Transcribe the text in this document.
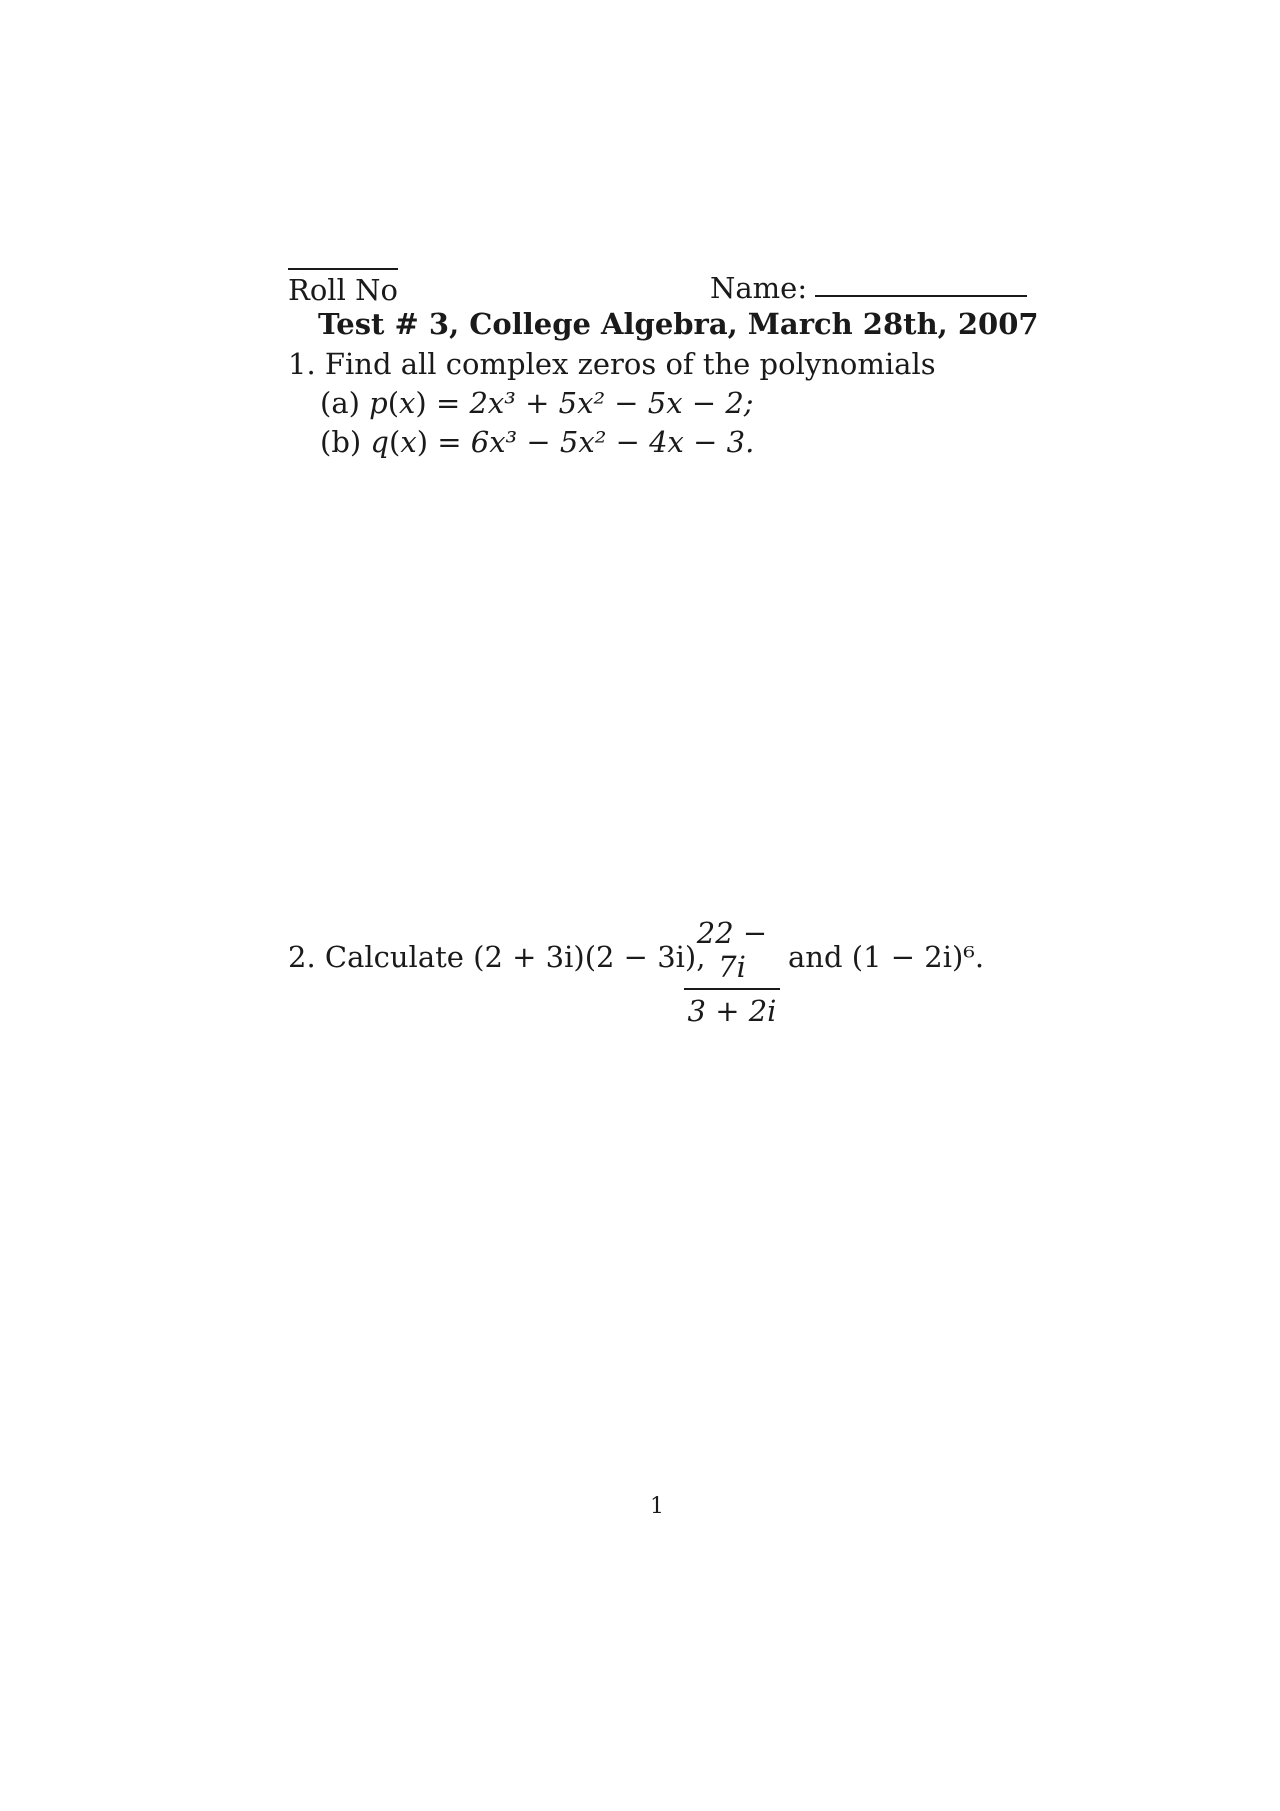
Roll No	Name:
Test # 3, College Algebra, March 28th, 2007
1. Find all complex zeros of the polynomials
(a) p(x) = 2x³ + 5x² − 5x − 2;
(b) q(x) = 6x³ − 5x² − 4x − 3.
2. Calculate (2 + 3i)(2 − 3i),
22 − 7i
3 + 2i
and (1 − 2i)⁶.
1
